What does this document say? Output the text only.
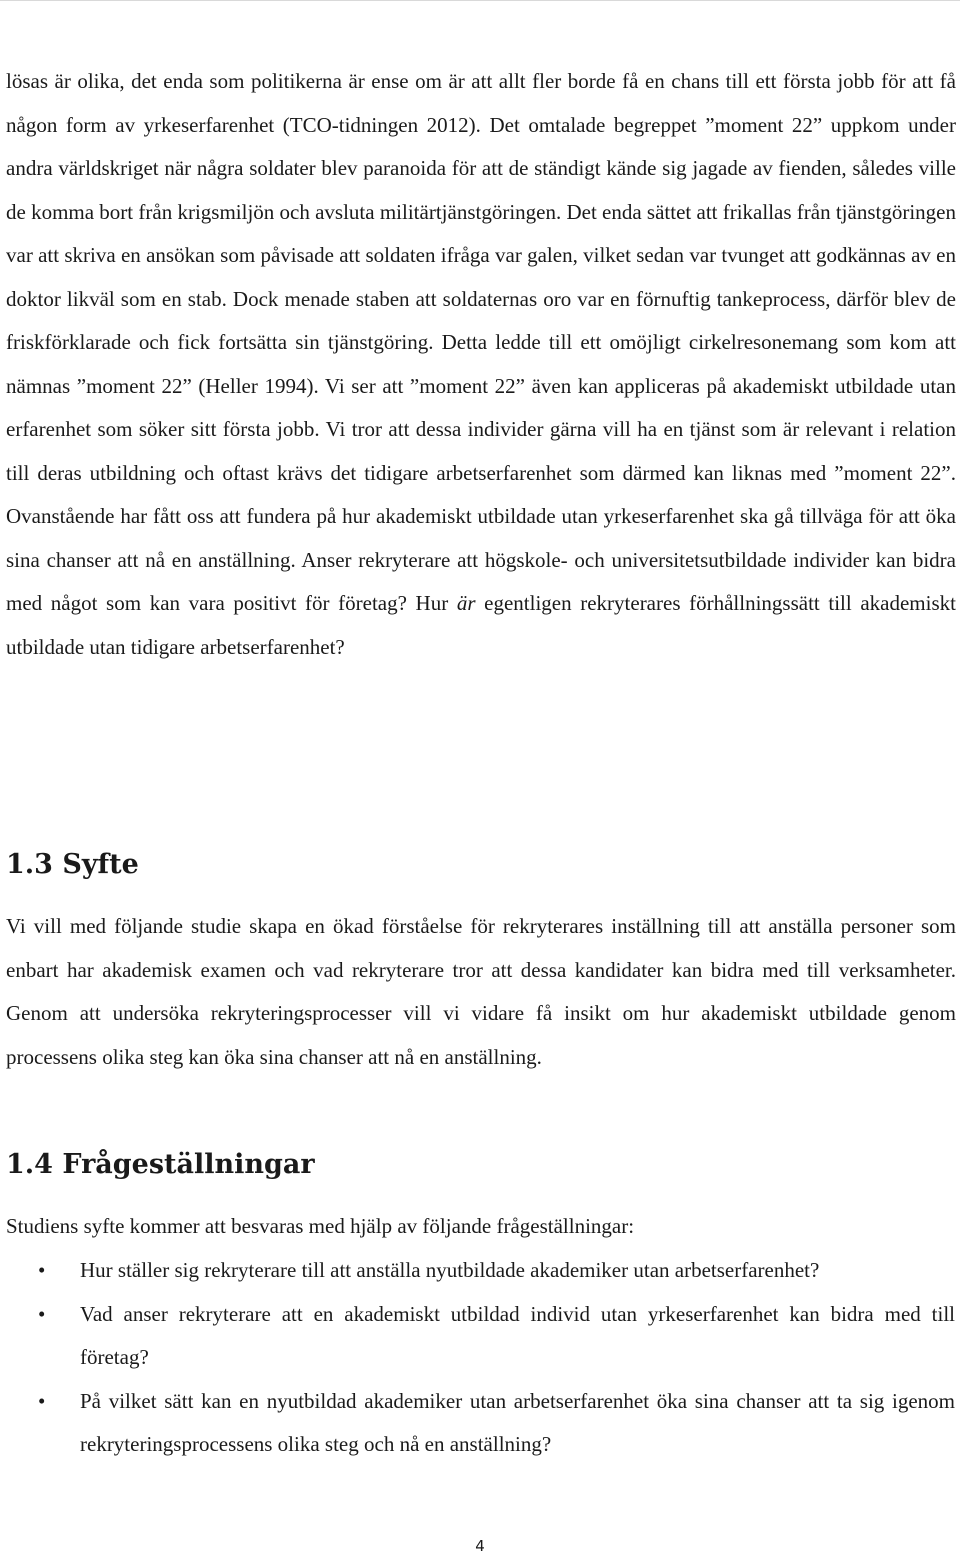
lösas är olika, det enda som politikerna är ense om är att allt fler borde få en chans till ett första jobb för att få någon form av yrkeserfarenhet (TCO-tidningen 2012). Det omtalade begreppet ”moment 22” uppkom under andra världskriget när några soldater blev paranoida för att de ständigt kände sig jagade av fienden, således ville de komma bort från krigsmiljön och avsluta militärtjänstgöringen. Det enda sättet att frikallas från tjänstgöringen var att skriva en ansökan som påvisade att soldaten ifråga var galen, vilket sedan var tvunget att godkännas av en doktor likväl som en stab. Dock menade staben att soldaternas oro var en förnuftig tankeprocess, därför blev de friskförklarade och fick fortsätta sin tjänstgöring. Detta ledde till ett omöjligt cirkelresonemang som kom att nämnas ”moment 22” (Heller 1994). Vi ser att ”moment 22” även kan appliceras på akademiskt utbildade utan erfarenhet som söker sitt första jobb. Vi tror att dessa individer gärna vill ha en tjänst som är relevant i relation till deras utbildning och oftast krävs det tidigare arbetserfarenhet som därmed kan liknas med ”moment 22”. Ovanstående har fått oss att fundera på hur akademiskt utbildade utan yrkeserfarenhet ska gå tillväga för att öka sina chanser att nå en anställning. Anser rekryterare att högskole- och universitetsutbildade individer kan bidra med något som kan vara positivt för företag? Hur är egentligen rekryterares förhållningssätt till akademiskt utbildade utan tidigare arbetserfarenhet?

1.3 Syfte

Vi vill med följande studie skapa en ökad förståelse för rekryterares inställning till att anställa personer som enbart har akademisk examen och vad rekryterare tror att dessa kandidater kan bidra med till verksamheter. Genom att undersöka rekryteringsprocesser vill vi vidare få insikt om hur akademiskt utbildade genom processens olika steg kan öka sina chanser att nå en anställning.

1.4 Frågeställningar

Studiens syfte kommer att besvaras med hjälp av följande frågeställningar:

• Hur ställer sig rekryterare till att anställa nyutbildade akademiker utan arbetserfarenhet?
• Vad anser rekryterare att en akademiskt utbildad individ utan yrkeserfarenhet kan bidra med till företag?
• På vilket sätt kan en nyutbildad akademiker utan arbetserfarenhet öka sina chanser att ta sig igenom rekryteringsprocessens olika steg och nå en anställning?
4
